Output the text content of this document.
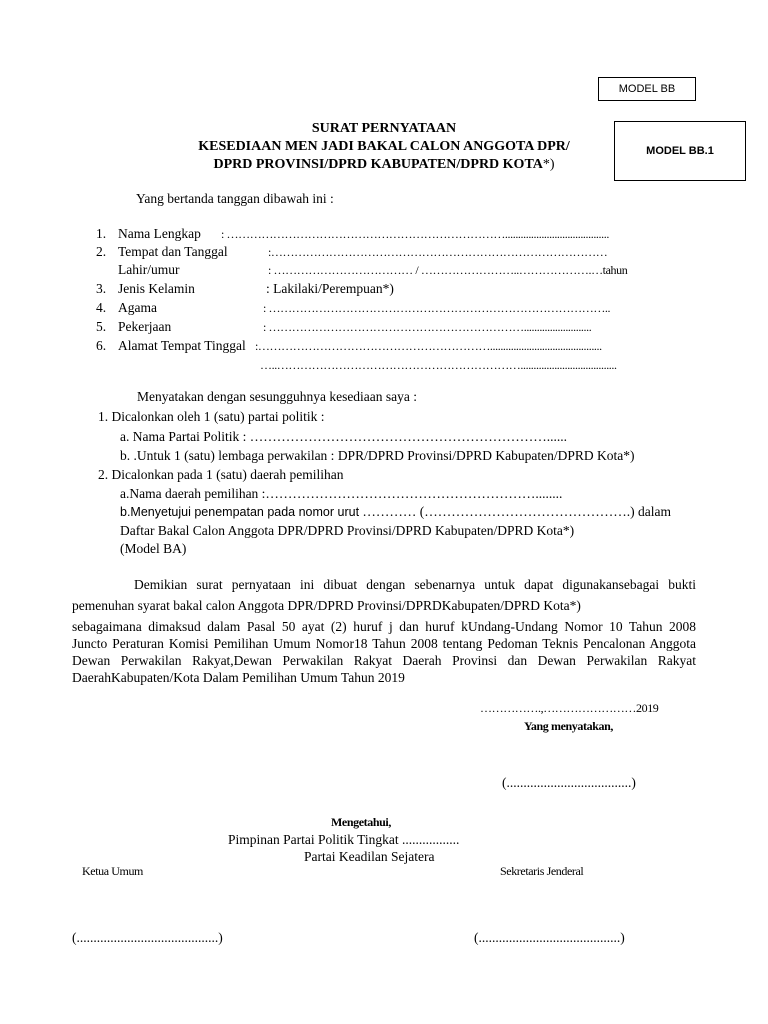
MODEL BB
MODEL BB.1
SURAT PERNYATAAN
KESEDIAAN MEN JADI BAKAL CALON ANGGOTA DPR/
DPRD PROVINSI/DPRD KABUPATEN/DPRD KOTA*)
Yang bertanda tanggan dibawah ini :
1. Nama Lengkap : ………………………………………………………………........................................
2. Tempat dan Tanggal	:……………………………………………………………………………
Lahir/umur	: ……………………………… / ……………………..……………….…tahun
3. Jenis Kelamin	: Lakilaki/Perempuan*)
4. Agama	: ……………………………………………………………………………..
5. Pekerjaan	: …………………………………………………………..........................
6. Alamat Tempat Tinggal :……………………………………………………...........................................
…..……………………………………………………….....................................
Menyatakan dengan sesungguhnya kesediaan saya :
1. Dicalonkan oleh 1 (satu) partai politik :
a. Nama Partai Politik : …………………………………………………………......
b. .Untuk 1 (satu) lembaga perwakilan : DPR/DPRD Provinsi/DPRD Kabupaten/DPRD Kota*)
2. Dicalonkan pada 1 (satu) daerah pemilihan
a.Nama daerah pemilihan :……………………………………………………........
b.Menyetujui penempatan pada nomor urut ………… (……………………………………….) dalam
Daftar Bakal Calon Anggota DPR/DPRD Provinsi/DPRD Kabupaten/DPRD Kota*)
(Model BA)
Demikian surat pernyataan ini dibuat dengan sebenarnya untuk dapat digunakansebagai bukti
pemenuhan syarat bakal calon Anggota DPR/DPRD Provinsi/DPRDKabupaten/DPRD Kota*)
sebagaimana dimaksud dalam Pasal 50 ayat (2) huruf j dan huruf kUndang-Undang Nomor 10 Tahun 2008
Juncto Peraturan Komisi Pemilihan Umum Nomor18 Tahun 2008 tentang Pedoman Teknis Pencalonan Anggota
Dewan Perwakilan Rakyat,Dewan Perwakilan Rakyat Daerah Provinsi dan Dewan Perwakilan Rakyat
DaerahKabupaten/Kota Dalam Pemilihan Umum Tahun 2019
…………….,……………………2019
Yang menyatakan,
(.....................................)
Mengetahui,
Pimpinan Partai Politik Tingkat .................
Partai Keadilan Sejatera
Ketua Umum	Sekretaris Jenderal
(..........................................)	(..........................................)
